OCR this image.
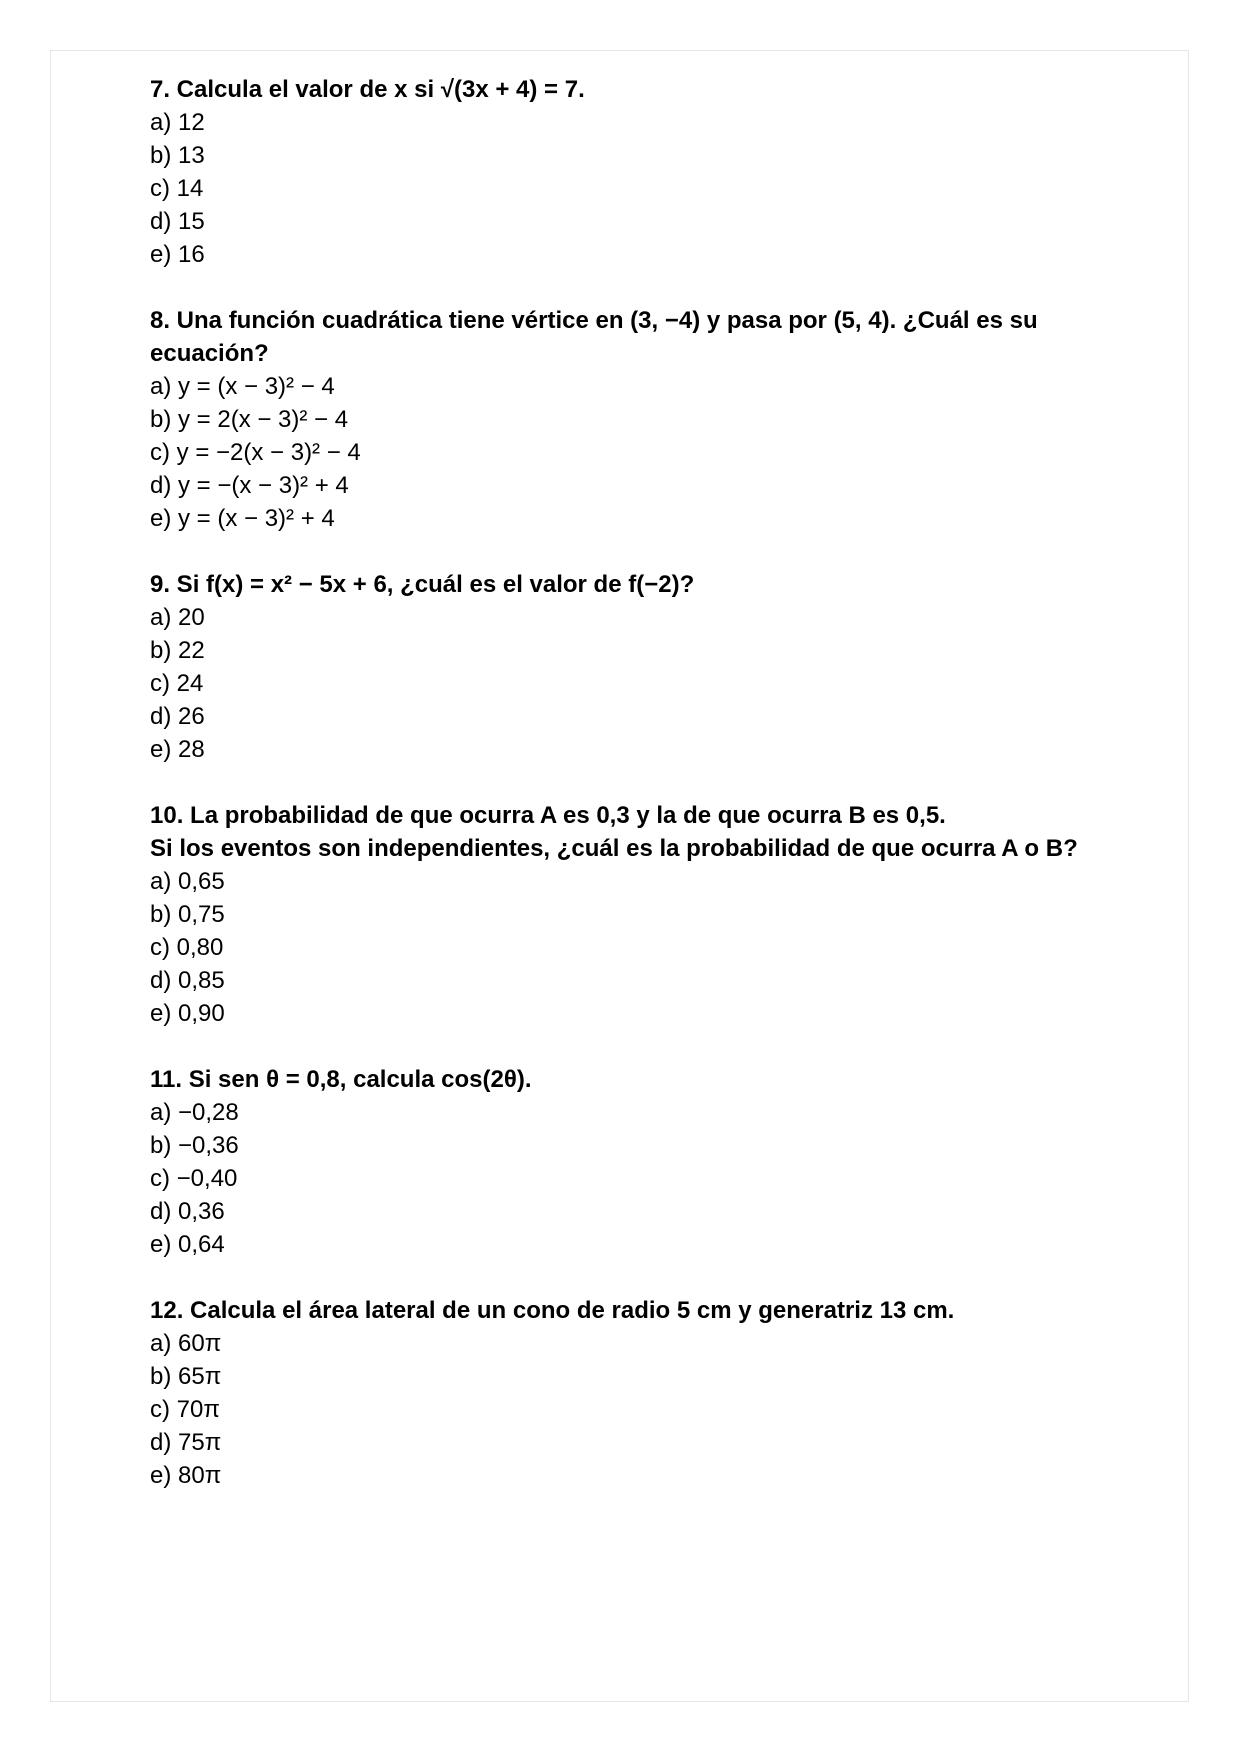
7. Calcula el valor de x si √(3x + 4) = 7.

a) 12
b) 13
c) 14
d) 15
e) 16

8. Una función cuadrática tiene vértice en (3, −4) y pasa por (5, 4). ¿Cuál es su ecuación?

a) y = (x − 3)² − 4
b) y = 2(x − 3)² − 4
c) y = −2(x − 3)² − 4
d) y = −(x − 3)² + 4
e) y = (x − 3)² + 4

9. Si f(x) = x² − 5x + 6, ¿cuál es el valor de f(−2)?

a) 20
b) 22
c) 24
d) 26
e) 28

10. La probabilidad de que ocurra A es 0,3 y la de que ocurra B es 0,5.

Si los eventos son independientes, ¿cuál es la probabilidad de que ocurra A o B?

a) 0,65
b) 0,75
c) 0,80
d) 0,85
e) 0,90

11. Si sen θ = 0,8, calcula cos(2θ).

a) −0,28
b) −0,36
c) −0,40
d) 0,36
e) 0,64

12. Calcula el área lateral de un cono de radio 5 cm y generatriz 13 cm.

a) 60π
b) 65π
c) 70π
d) 75π
e) 80π
